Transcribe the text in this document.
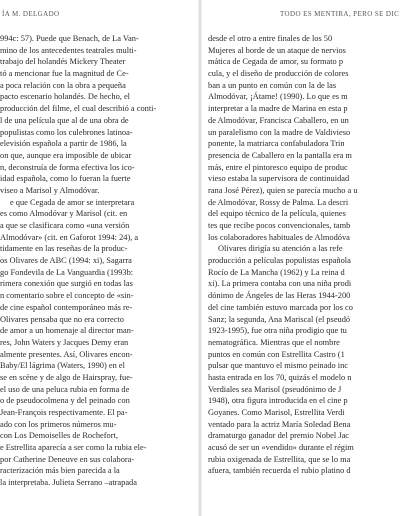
ÍA M. DELGADO
994c: 57). Puede que Benach, de La Van-
mino de los antecedentes teatrales multi-
trabajo del holandés Mickery Theater
tó a mencionar fue la magnitud de Ce-
a poca relación con la obra a pequeña
pacto escenario holandés. De hecho, el
producción del filme, el cual describió a conti-
l de una película que al de una obra de
populistas como los culebrones latinoa-
elevisión española a partir de 1986, la
on que, aunque era imposible de ubicar
n, deconstruía de forma efectiva los ico-
idad española, como lo fueran la fuerte
viseo a Marisol y Almodóvar.
e que Cegada de amor se interpretara
es como Almodóvar y Marisol (cit. en
a que se clasificara como «una versión
Almodóvar» (cit. en Gaforot 1994: 24), a
tidamente en las reseñas de la produc-
os Olivares de ABC (1994: xi), Sagarra
go Fondevila de La Vanguardia (1993b:
rimera conexión que surgió en todas las
n comentario sobre el concepto de «sin-
de cine español contemporáneo más re-
Olivares pensaba que no era correcto
de amor a un homenaje al director man-
res, John Waters y Jacques Demy eran
almente presentes. Así, Olivares encon-
Baby/El lágrima (Waters, 1990) en el
se en scène y de algo de Hairspray, fue-
el uso de una peluca rubia en forma de
o de pseudocolmena y del peinado con
Jean-François respectivamente. El pa-
ado con los primeros números mu-
con Los Demoiselles de Rochefort,
e Estrellita aparecía a ser como la rubia ele-
por Catherine Deneuve en sus colabora-
racterización más bien parecida a la
la interpretaba. Julieta Serrano –atrapada
TODO ES MENTIRA, PERO SE DIC
desde el otro a entre finales de los 50
Mujeres al borde de un ataque de nervios
mática de Cegada de amor, su formato p
cula, y el diseño de producción de colores
ban a un punto en común con la de las
Almodóvar, ¡Átame! (1990). Lo que es m
interpretar a la madre de Marina en esta p
de Almodóvar, Francisca Caballero, en un
un paralelismo con la madre de Valdivieso
ponente, la matriarca confabuladora Trin
presencia de Caballero en la pantalla era m
más, entre el pintoresco equipo de produc
vieso estaba la supervisora de continuidad
rana José Pérez), quien se parecía mucho a u
de Almodóvar, Rossy de Palma. La descri
del equipo técnico de la película, quienes
tes que recibe pocos convencionales, tamb
los colaboradores habituales de Almodóva
Olivares dirigía su atención a las refe
producción a películas populistas española
Rocío de La Mancha (1962) y La reina d
xi). La primera contaba con una niña prodi
dónimo de Ángeles de las Heras 1944-200
del cine también estuvo marcada por los co
Sanz; la segunda, Ana Mariscal (el pseudó
1923-1995), fue otra niña prodigio que tu
nematográfica. Mientras que el nombre
puntos en común con Estrellita Castro (1
pulsar que mantuvo el mismo peinado inc
hasta entrada en los 70, quizás el modelo n
Verdiales sea Marisol (pseudónimo de J
1948), otra figura introducida en el cine p
Goyanes. Como Marisol, Estrellita Verdi
ventado para la actriz María Soledad Bena
dramaturgo ganador del premio Nobel Jac
acusó de ser un «vendido» durante el régim
rubia oxigenada de Estrellita, que se lo ma
afuera, también recuerda el rubio platino d
